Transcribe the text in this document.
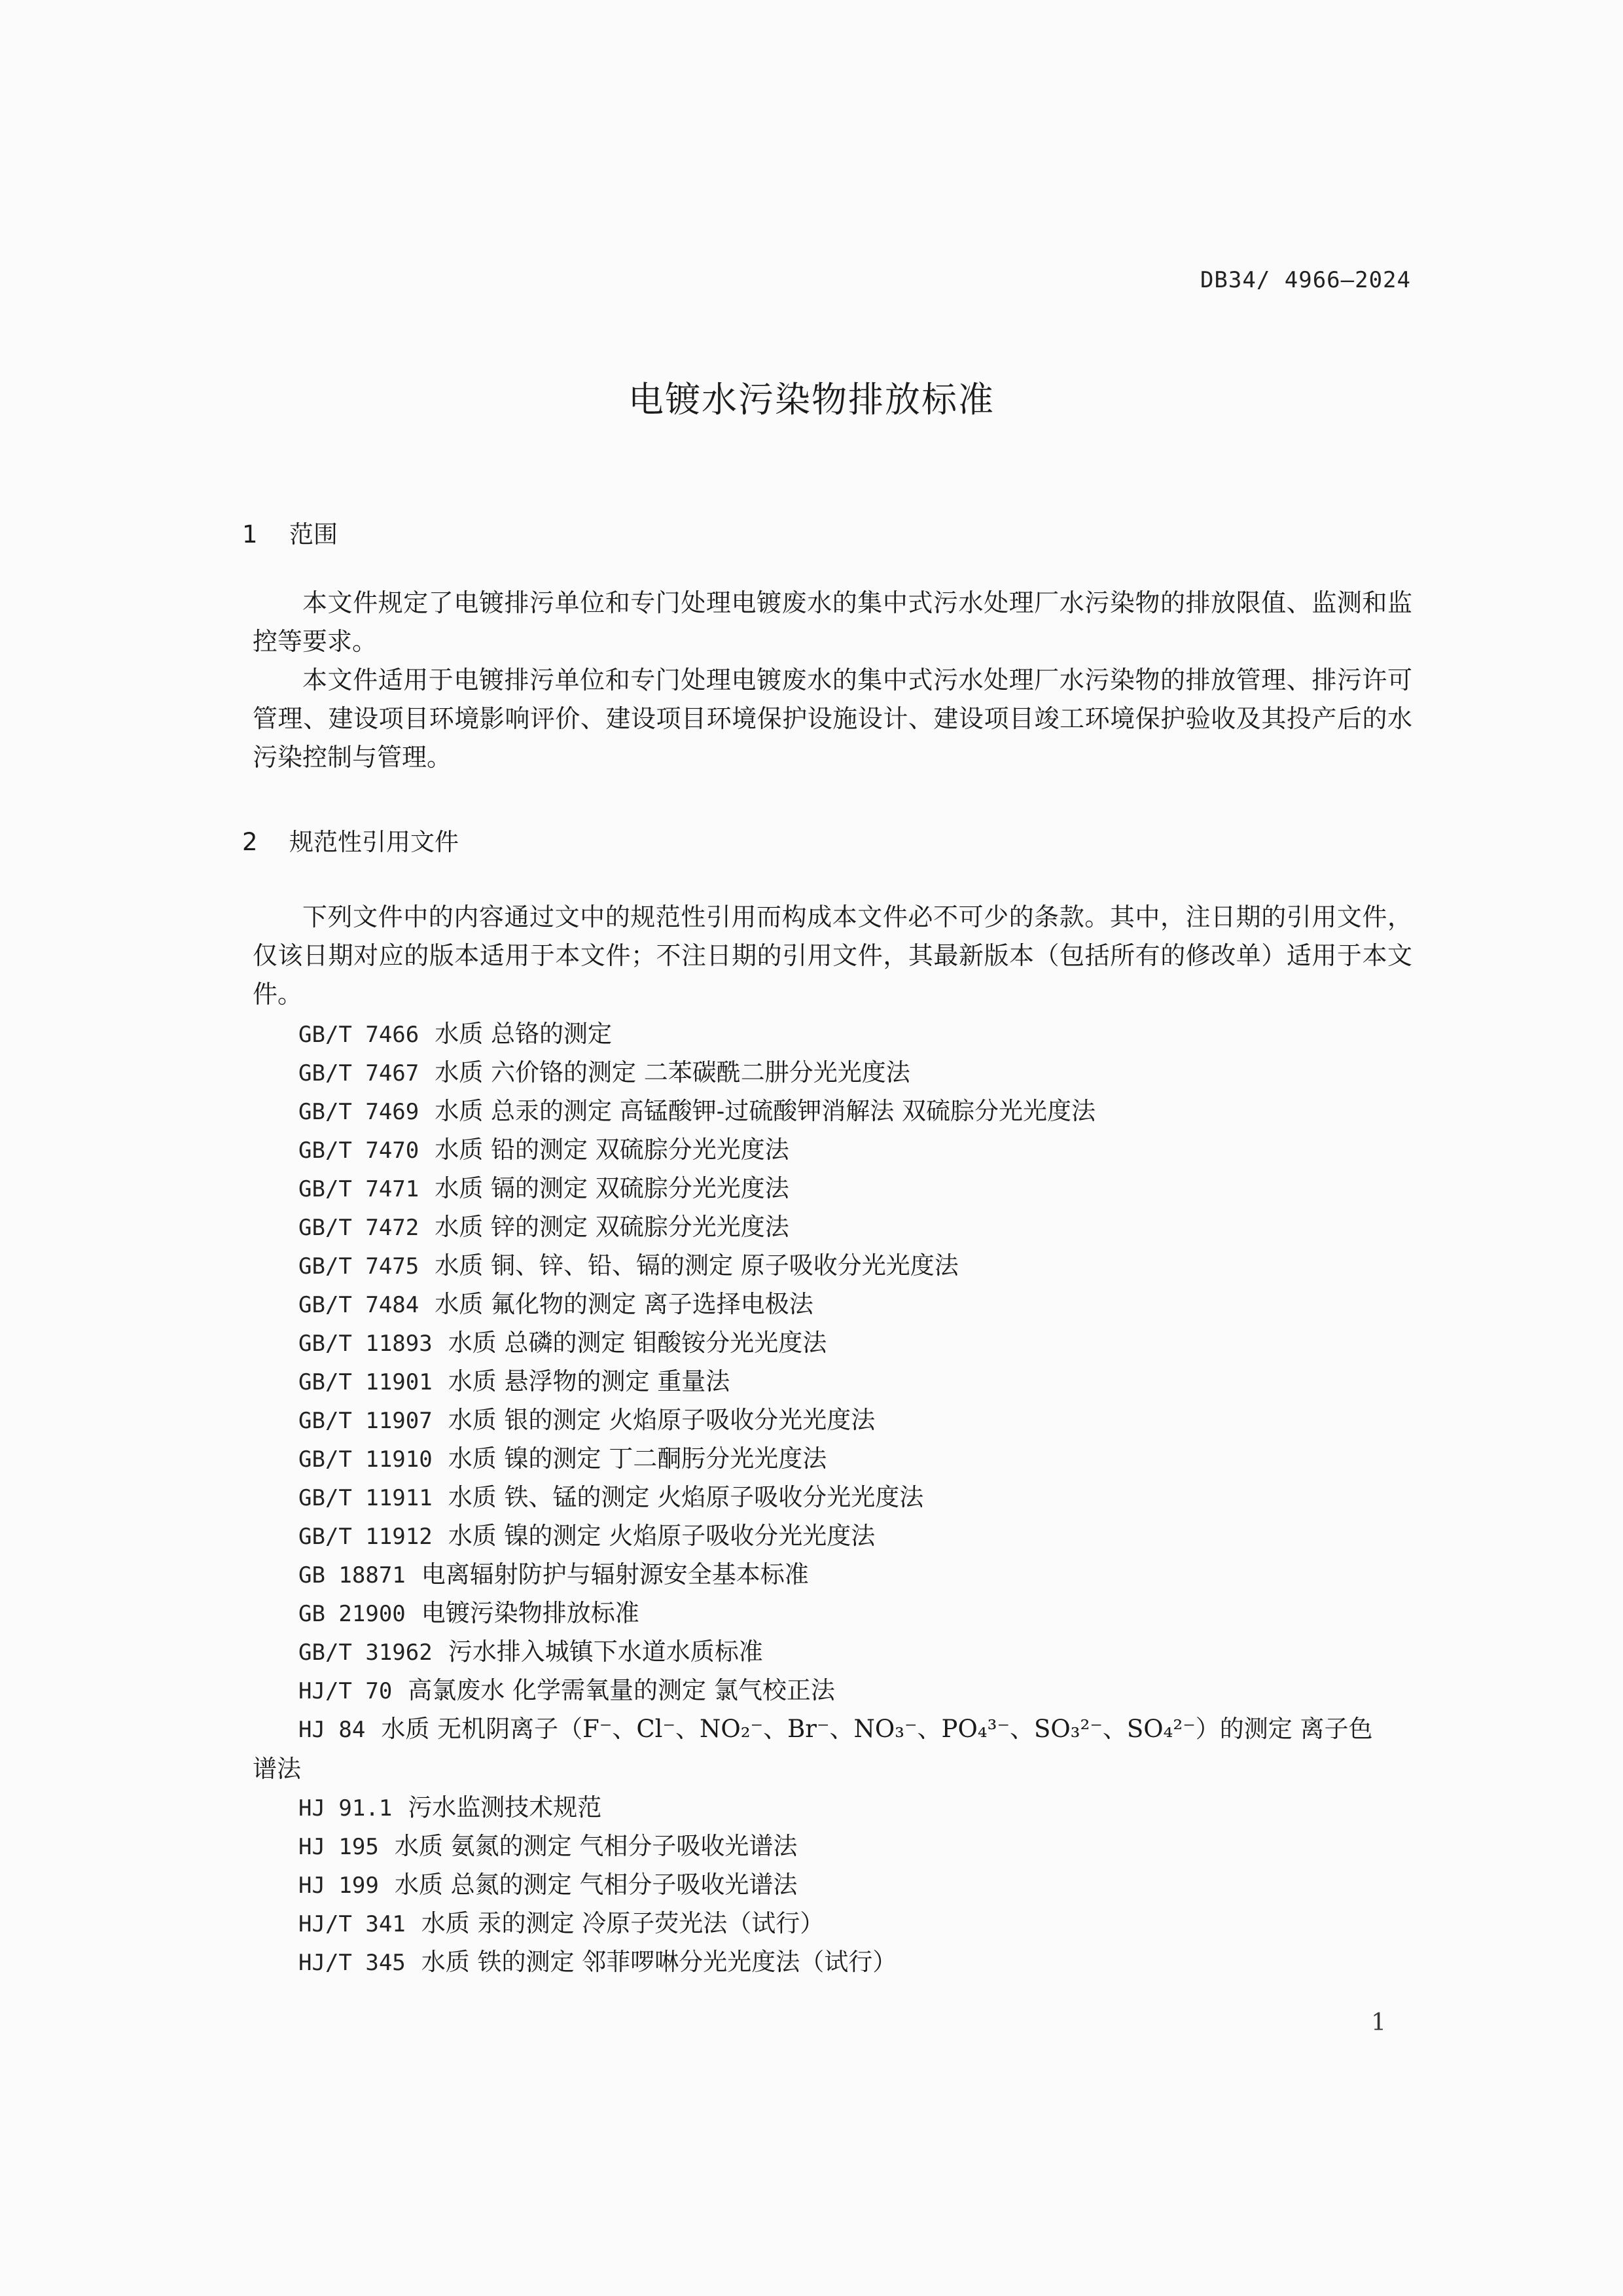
DB34/ 4966—2024
电镀水污染物排放标准
1 范围
本文件规定了电镀排污单位和专门处理电镀废水的集中式污水处理厂水污染物的排放限值、监测和监控等要求。
本文件适用于电镀排污单位和专门处理电镀废水的集中式污水处理厂水污染物的排放管理、排污许可管理、建设项目环境影响评价、建设项目环境保护设施设计、建设项目竣工环境保护验收及其投产后的水污染控制与管理。
2 规范性引用文件
下列文件中的内容通过文中的规范性引用而构成本文件必不可少的条款。其中，注日期的引用文件，仅该日期对应的版本适用于本文件；不注日期的引用文件，其最新版本（包括所有的修改单）适用于本文件。
GB/T 7466 水质 总铬的测定
GB/T 7467 水质 六价铬的测定 二苯碳酰二肼分光光度法
GB/T 7469 水质 总汞的测定 高锰酸钾-过硫酸钾消解法 双硫腙分光光度法
GB/T 7470 水质 铅的测定 双硫腙分光光度法
GB/T 7471 水质 镉的测定 双硫腙分光光度法
GB/T 7472 水质 锌的测定 双硫腙分光光度法
GB/T 7475 水质 铜、锌、铅、镉的测定 原子吸收分光光度法
GB/T 7484 水质 氟化物的测定 离子选择电极法
GB/T 11893 水质 总磷的测定 钼酸铵分光光度法
GB/T 11901 水质 悬浮物的测定 重量法
GB/T 11907 水质 银的测定 火焰原子吸收分光光度法
GB/T 11910 水质 镍的测定 丁二酮肟分光光度法
GB/T 11911 水质 铁、锰的测定 火焰原子吸收分光光度法
GB/T 11912 水质 镍的测定 火焰原子吸收分光光度法
GB 18871 电离辐射防护与辐射源安全基本标准
GB 21900 电镀污染物排放标准
GB/T 31962 污水排入城镇下水道水质标准
HJ/T 70 高氯废水 化学需氧量的测定 氯气校正法
HJ 84 水质 无机阴离子（F⁻、Cl⁻、NO₂⁻、Br⁻、NO₃⁻、PO₄³⁻、SO₃²⁻、SO₄²⁻）的测定 离子色
谱法
HJ 91.1 污水监测技术规范
HJ 195 水质 氨氮的测定 气相分子吸收光谱法
HJ 199 水质 总氮的测定 气相分子吸收光谱法
HJ/T 341 水质 汞的测定 冷原子荧光法（试行）
HJ/T 345 水质 铁的测定 邻菲啰啉分光光度法（试行）
1
